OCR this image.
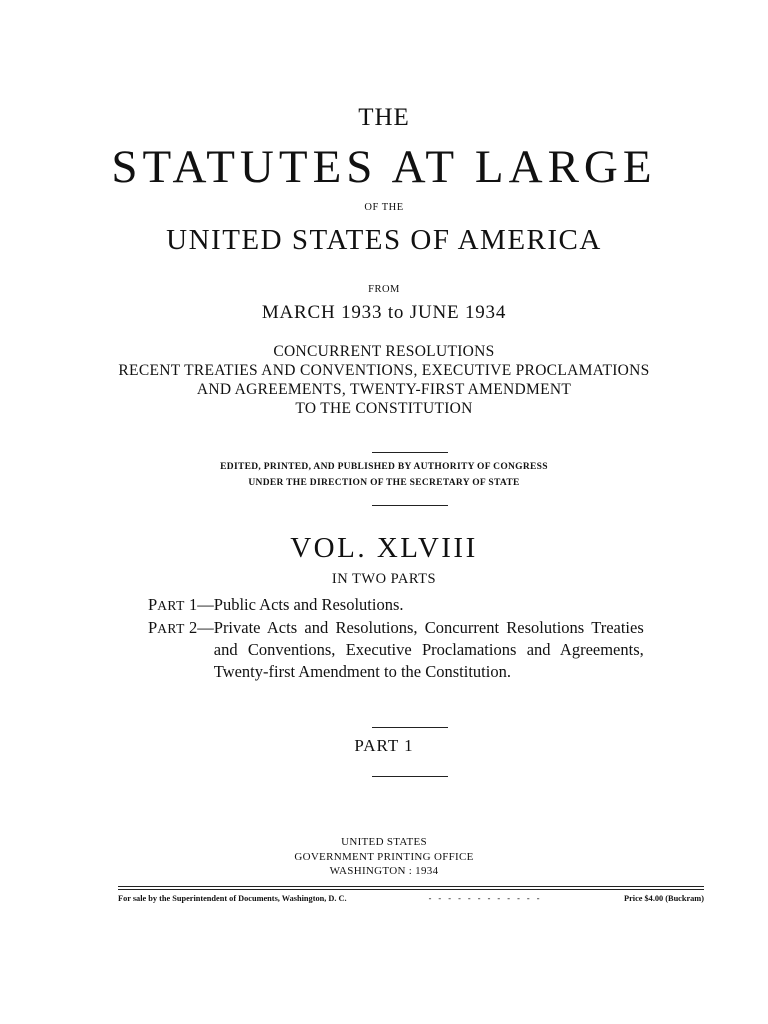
THE
STATUTES AT LARGE
OF THE
UNITED STATES OF AMERICA
FROM
MARCH 1933 to JUNE 1934
CONCURRENT RESOLUTIONS
RECENT TREATIES AND CONVENTIONS, EXECUTIVE PROCLAMATIONS
AND AGREEMENTS, TWENTY-FIRST AMENDMENT
TO THE CONSTITUTION
EDITED, PRINTED, AND PUBLISHED BY AUTHORITY OF CONGRESS
UNDER THE DIRECTION OF THE SECRETARY OF STATE
VOL. XLVIII
IN TWO PARTS
PART 1— Public Acts and Resolutions.
PART 2— Private Acts and Resolutions, Concurrent Resolutions Treaties and Conventions, Executive Proclamations and Agreements, Twenty-first Amendment to the Constitution.
PART 1
UNITED STATES
GOVERNMENT PRINTING OFFICE
WASHINGTON : 1934
For sale by the Superintendent of Documents, Washington, D. C.	- - - - - - - - - - - -	Price $4.00 (Buckram)
